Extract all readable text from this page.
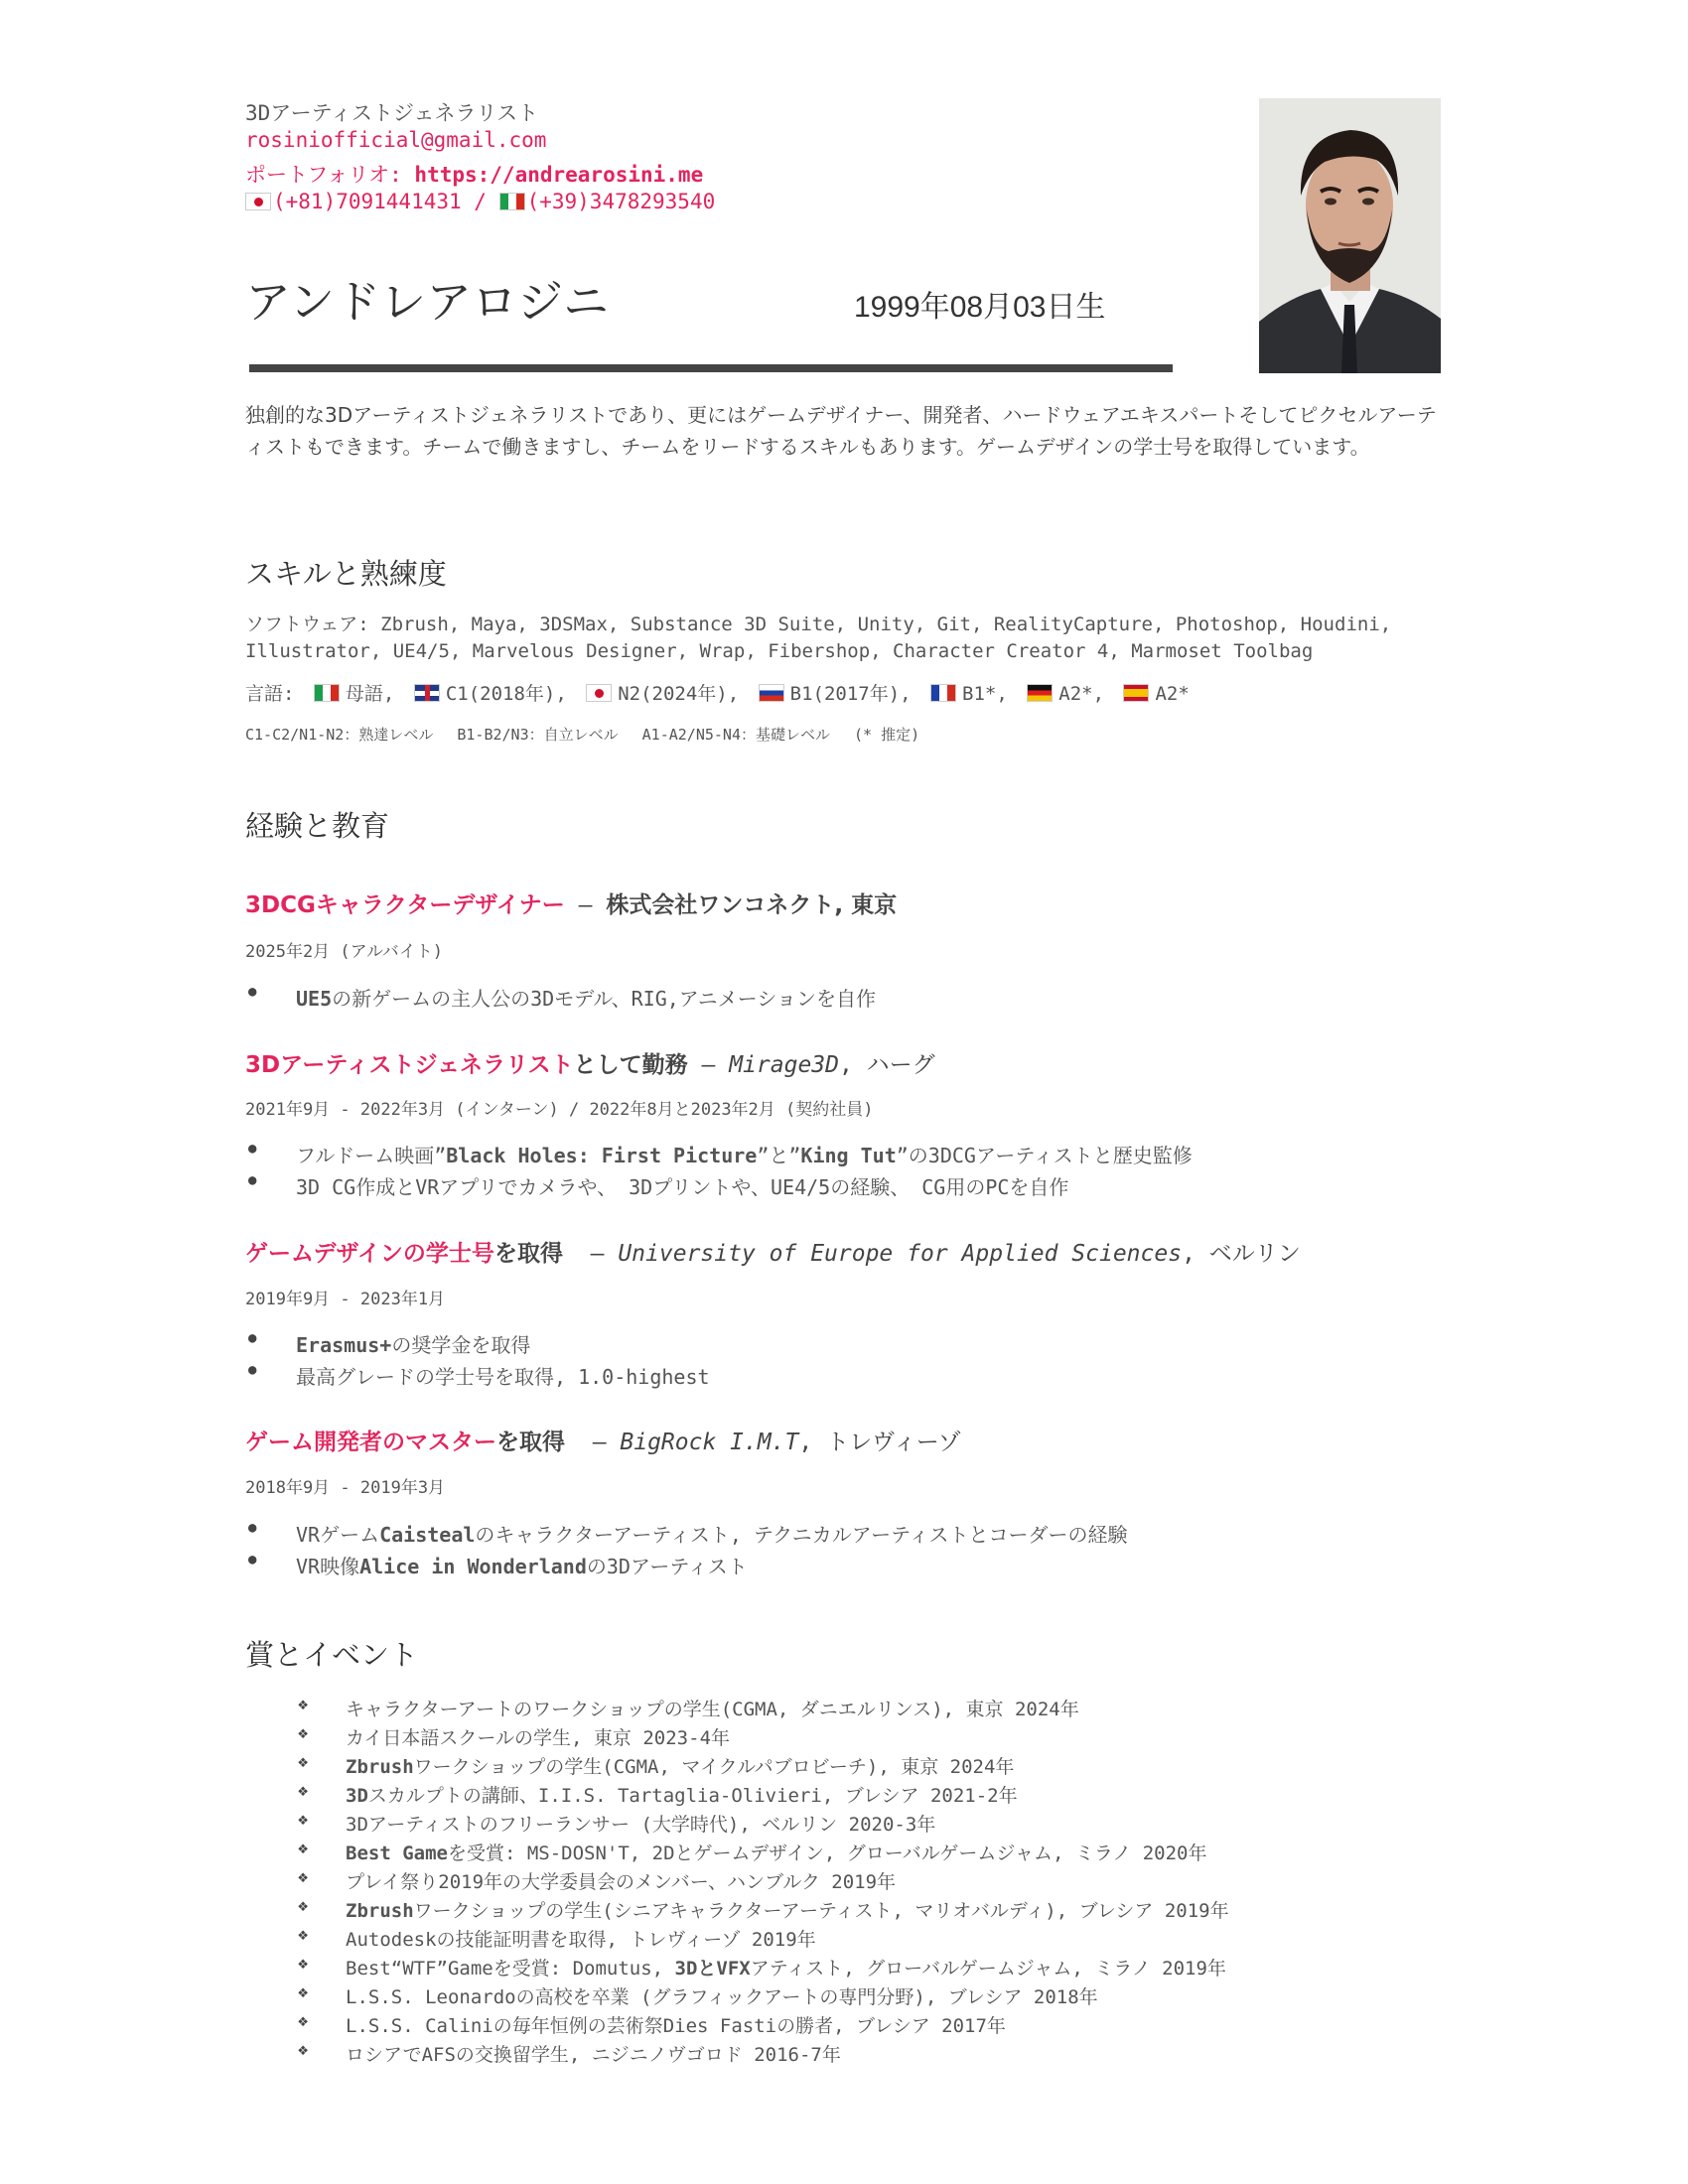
3Dアーティストジェネラリスト
rosiniofficial@gmail.com
ポートフォリオ: https://andrearosini.me
(+81)7091441431 / (+39)3478293540
アンドレアロジニ	1999年08月03日生
独創的な3Dアーティストジェネラリストであり、更にはゲームデザイナー、開発者、ハードウェアエキスパートそしてピクセルアーティストもできます。チームで働きますし、チームをリードするスキルもあります。ゲームデザインの学士号を取得しています。
スキルと熟練度
ソフトウェア: Zbrush, Maya, 3DSMax, Substance 3D Suite, Unity, Git, RealityCapture, Photoshop, Houdini,
Illustrator, UE4/5, Marvelous Designer, Wrap, Fibershop, Character Creator 4, Marmoset Toolbag
言語:	母語,	C1(2018年),	N2(2024年),	B1(2017年),	B1*,	A2*,	A2*
C1-C2/N1-N2：熟達レベル　 B1-B2/N3：自立レベル　 A1-A2/N5-N4：基礎レベル　 (* 推定)
経験と教育
3DCGキャラクターデザイナー — 株式会社ワンコネクト, 東京
2025年2月 (アルバイト)
● UE5の新ゲームの主人公の3Dモデル、RIG,アニメーションを自作
3Dアーティストジェネラリストとして勤務 — Mirage3D, ハーグ
2021年9月 - 2022年3月 (インターン) / 2022年8月と2023年2月 (契約社員)
● フルドーム映画”Black Holes: First Picture”と”King Tut”の3DCGアーティストと歴史監修
● 3D CG作成とVRアプリでカメラや、 3Dプリントや、UE4/5の経験、 CG用のPCを自作
ゲームデザインの学士号を取得  — University of Europe for Applied Sciences, ベルリン
2019年9月 - 2023年1月
● Erasmus+の奨学金を取得
● 最高グレードの学士号を取得, 1.0-highest
ゲーム開発者のマスターを取得  — BigRock I.M.T, トレヴィーゾ
2018年9月 - 2019年3月
● VRゲームCaistealのキャラクターアーティスト, テクニカルアーティストとコーダーの経験
● VR映像Alice in Wonderlandの3Dアーティスト
賞とイベント
❖ キャラクターアートのワークショップの学生(CGMA, ダニエルリンス), 東京 2024年
❖ カイ日本語スクールの学生, 東京 2023-4年
❖ Zbrushワークショップの学生(CGMA, マイクルパブロビーチ), 東京 2024年
❖ 3Dスカルプトの講師、I.I.S. Tartaglia-Olivieri, ブレシア 2021-2年
❖ 3Dアーティストのフリーランサー (大学時代), ベルリン 2020-3年
❖ Best Gameを受賞: MS-DOSN'T, 2Dとゲームデザイン, グローバルゲームジャム, ミラノ 2020年
❖ プレイ祭り2019年の大学委員会のメンバー、ハンブルク 2019年
❖ Zbrushワークショップの学生(シニアキャラクターアーティスト, マリオバルディ), ブレシア 2019年
❖ Autodeskの技能証明書を取得, トレヴィーゾ 2019年
❖ Best“WTF”Gameを受賞: Domutus, 3DとVFXアティスト, グローバルゲームジャム, ミラノ 2019年
❖ L.S.S. Leonardoの高校を卒業 (グラフィックアートの専門分野), ブレシア 2018年
❖ L.S.S. Caliniの毎年恒例の芸術祭Dies Fastiの勝者, ブレシア 2017年
❖ ロシアでAFSの交換留学生, ニジニノヴゴロド 2016-7年
